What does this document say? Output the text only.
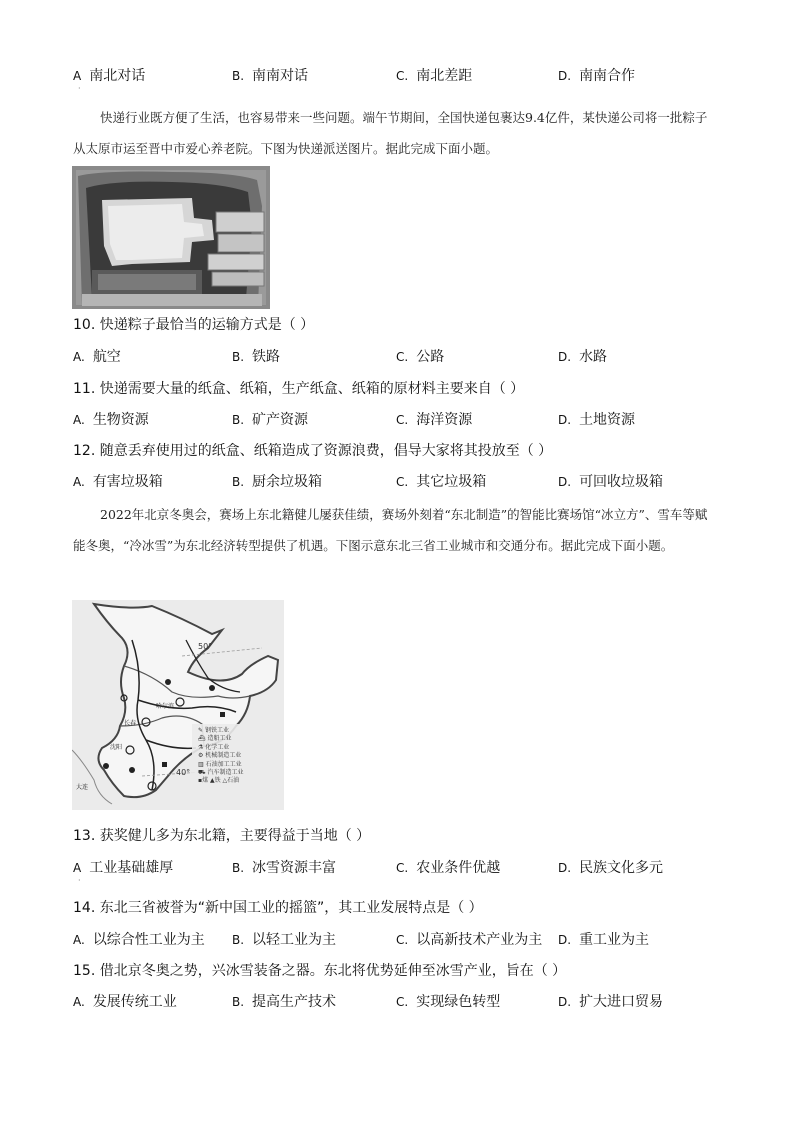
A 南北对话	B. 南南对话	C. 南北差距	D. 南南合作
·
快递行业既方便了生活，也容易带来一些问题。端午节期间，全国快递包裹达9.4亿件，某快递公司将一批粽子从太原市运至晋中市爱心养老院。下图为快递派送图片。据此完成下面小题。
10. 快递粽子最恰当的运输方式是（ ）
A. 航空	B. 铁路	C. 公路	D. 水路
11. 快递需要大量的纸盒、纸箱，生产纸盒、纸箱的原材料主要来自（ ）
A. 生物资源	B. 矿产资源	C. 海洋资源	D. 土地资源
12. 随意丢弃使用过的纸盒、纸箱造成了资源浪费，倡导大家将其投放至（ ）
A. 有害垃圾箱	B. 厨余垃圾箱	C. 其它垃圾箱	D. 可回收垃圾箱
2022年北京冬奥会，赛场上东北籍健儿屡获佳绩，赛场外刻着“东北制造”的智能比赛场馆“冰立方”、雪车等赋能冬奥，“冷冰雪”为东北经济转型提供了机遇。下图示意东北三省工业城市和交通分布。据此完成下面小题。
50°
40°
哈尔滨
长春
沈阳
大连
✎ 钢铁工业
⛴ 造船工业
⚗ 化学工业
⚙ 机械制造工业
▥ 石油加工工业
⛟ 汽车制造工业
▪煤 ▲铁 △石油
13. 获奖健儿多为东北籍，主要得益于当地（ ）
A 工业基础雄厚	B. 冰雪资源丰富	C. 农业条件优越	D. 民族文化多元
·
14. 东北三省被誉为“新中国工业的摇篮”，其工业发展特点是（ ）
A. 以综合性工业为主 B. 以轻工业为主	C. 以高新技术产业为主 D. 重工业为主
15. 借北京冬奥之势，兴冰雪装备之器。东北将优势延伸至冰雪产业，旨在（ ）
A. 发展传统工业	B. 提高生产技术	C. 实现绿色转型	D. 扩大进口贸易
